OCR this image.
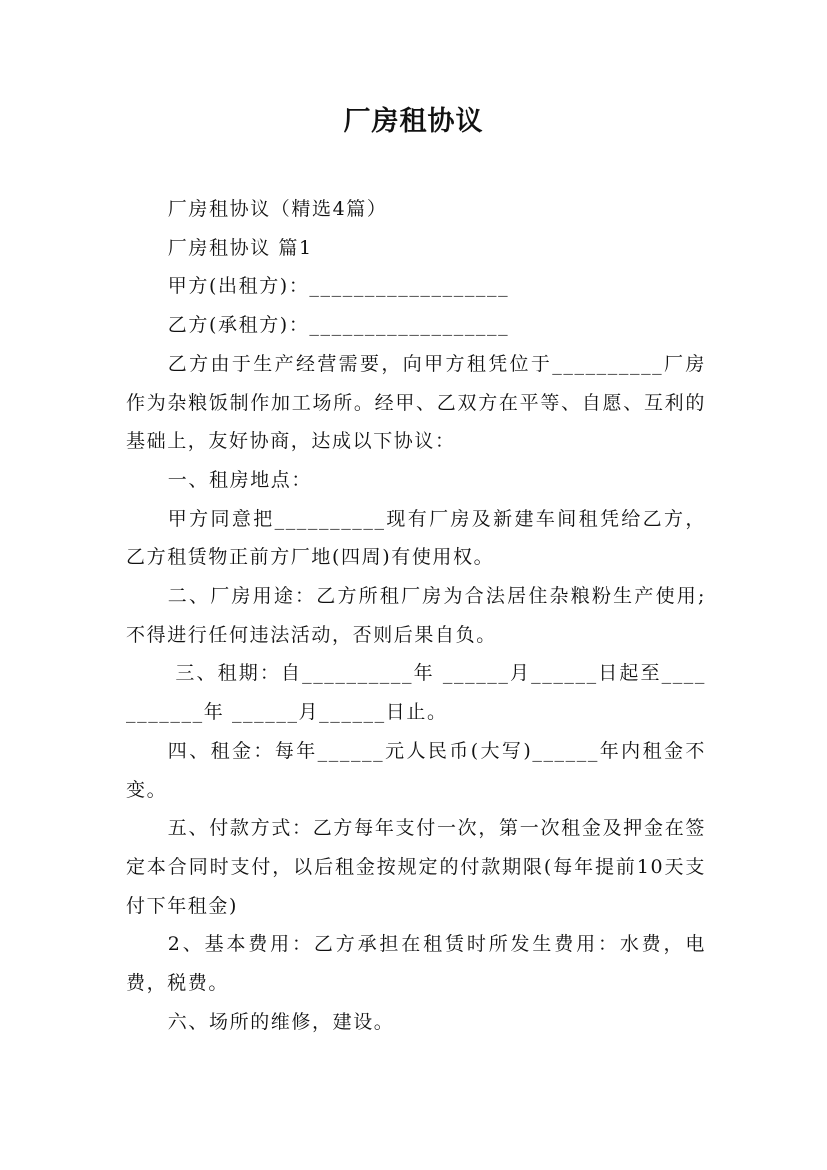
厂房租协议

厂房租协议（精选4篇）

厂房租协议 篇1

甲方(出租方)：__________________

乙方(承租方)：__________________

乙方由于生产经营需要，向甲方租凭位于__________厂房作为杂粮饭制作加工场所。经甲、乙双方在平等、自愿、互利的基础上，友好协商，达成以下协议：

一、租房地点：

甲方同意把__________现有厂房及新建车间租凭给乙方，乙方租赁物正前方厂地(四周)有使用权。

二、厂房用途：乙方所租厂房为合法居住杂粮粉生产使用;不得进行任何违法活动，否则后果自负。

三、租期：自__________年 ______月______日起至___________年 ______月______日止。

四、租金：每年______元人民币(大写)______年内租金不变。

五、付款方式：乙方每年支付一次，第一次租金及押金在签定本合同时支付，以后租金按规定的付款期限(每年提前10天支付下年租金)

2、基本费用：乙方承担在租赁时所发生费用：水费，电费，税费。

六、场所的维修，建设。
